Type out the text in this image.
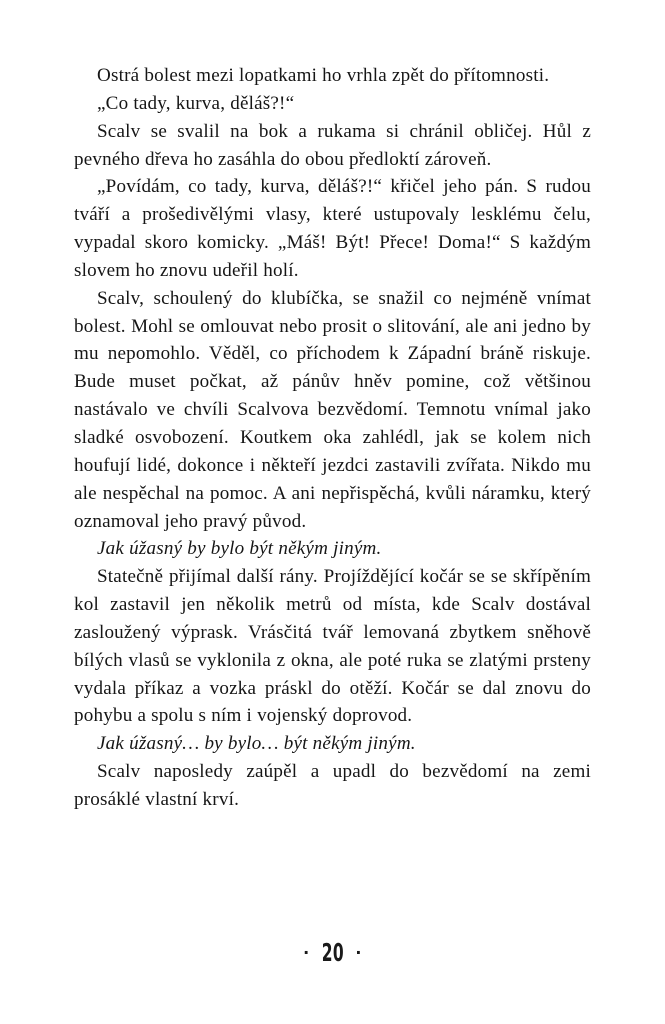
Ostrá bolest mezi lopatkami ho vrhla zpět do přítomnosti.

„Co tady, kurva, děláš?!“

Scalv se svalil na bok a rukama si chránil obličej. Hůl z pevného dřeva ho zasáhla do obou předloktí zároveň.

„Povídám, co tady, kurva, děláš?!“ křičel jeho pán. S rudou tváří a prošedivělými vlasy, které ustupovaly lesklému čelu, vypadal skoro komicky. „Máš! Být! Přece! Doma!“ S každým slovem ho znovu udeřil holí.

Scalv, schoulený do klubíčka, se snažil co nejméně vnímat bolest. Mohl se omlouvat nebo prosit o slitování, ale ani jedno by mu nepomohlo. Věděl, co příchodem k Západní bráně riskuje. Bude muset počkat, až pánův hněv pomine, což většinou nastávalo ve chvíli Scalvova bezvědomí. Temnotu vnímal jako sladké osvobození. Koutkem oka zahlédl, jak se kolem nich houfují lidé, dokonce i někteří jezdci zastavili zvířata. Nikdo mu ale nespěchal na pomoc. A ani nepřispěchá, kvůli náramku, který oznamoval jeho pravý původ.

Jak úžasný by bylo být někým jiným.

Statečně přijímal další rány. Projíždějící kočár se se skřípěním kol zastavil jen několik metrů od místa, kde Scalv dostával zasloužený výprask. Vrásčitá tvář lemovaná zbytkem sněhově bílých vlasů se vyklonila z okna, ale poté ruka se zlatými prsteny vydala příkaz a vozka práskl do otěží. Kočár se dal znovu do pohybu a spolu s ním i vojenský doprovod.

Jak úžasný… by bylo… být někým jiným.

Scalv naposledy zaúpěl a upadl do bezvědomí na zemi prosáklé vlastní krví.

· 20 ·
